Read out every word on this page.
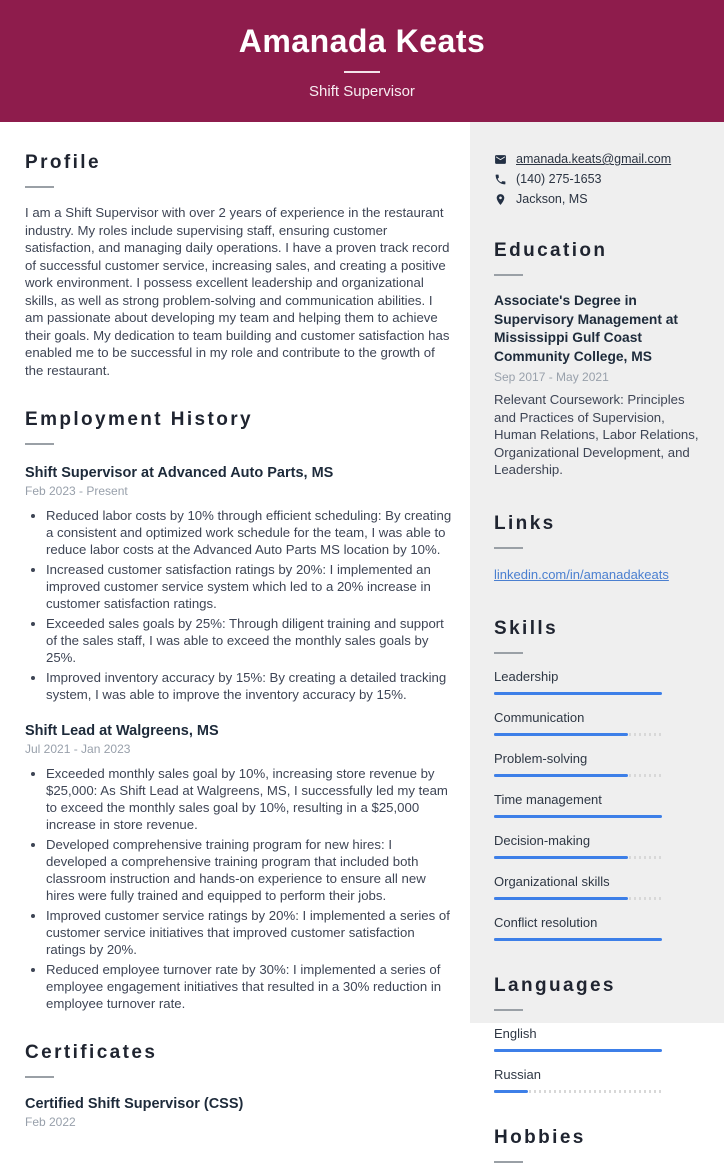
Amanada Keats
Shift Supervisor
Profile
I am a Shift Supervisor with over 2 years of experience in the restaurant industry. My roles include supervising staff, ensuring customer satisfaction, and managing daily operations. I have a proven track record of successful customer service, increasing sales, and creating a positive work environment. I possess excellent leadership and organizational skills, as well as strong problem-solving and communication abilities. I am passionate about developing my team and helping them to achieve their goals. My dedication to team building and customer satisfaction has enabled me to be successful in my role and contribute to the growth of the restaurant.
Employment History
Shift Supervisor at Advanced Auto Parts, MS
Feb 2023 - Present
• Reduced labor costs by 10% through efficient scheduling: By creating a consistent and optimized work schedule for the team, I was able to reduce labor costs at the Advanced Auto Parts MS location by 10%.
• Increased customer satisfaction ratings by 20%: I implemented an improved customer service system which led to a 20% increase in customer satisfaction ratings.
• Exceeded sales goals by 25%: Through diligent training and support of the sales staff, I was able to exceed the monthly sales goals by 25%.
• Improved inventory accuracy by 15%: By creating a detailed tracking system, I was able to improve the inventory accuracy by 15%.
Shift Lead at Walgreens, MS
Jul 2021 - Jan 2023
• Exceeded monthly sales goal by 10%, increasing store revenue by $25,000: As Shift Lead at Walgreens, MS, I successfully led my team to exceed the monthly sales goal by 10%, resulting in a $25,000 increase in store revenue.
• Developed comprehensive training program for new hires: I developed a comprehensive training program that included both classroom instruction and hands-on experience to ensure all new hires were fully trained and equipped to perform their jobs.
• Improved customer service ratings by 20%: I implemented a series of customer service initiatives that improved customer satisfaction ratings by 20%.
• Reduced employee turnover rate by 30%: I implemented a series of employee engagement initiatives that resulted in a 30% reduction in employee turnover rate.
Certificates
Certified Shift Supervisor (CSS)
Feb 2022
amanada.keats@gmail.com
(140) 275-1653
Jackson, MS
Education
Associate's Degree in Supervisory Management at Mississippi Gulf Coast Community College, MS
Sep 2017 - May 2021
Relevant Coursework: Principles and Practices of Supervision, Human Relations, Labor Relations, Organizational Development, and Leadership.
Links
linkedin.com/in/amanadakeats
Skills
Leadership
Communication
Problem-solving
Time management
Decision-making
Organizational skills
Conflict resolution
Languages
English
Russian
Hobbies
